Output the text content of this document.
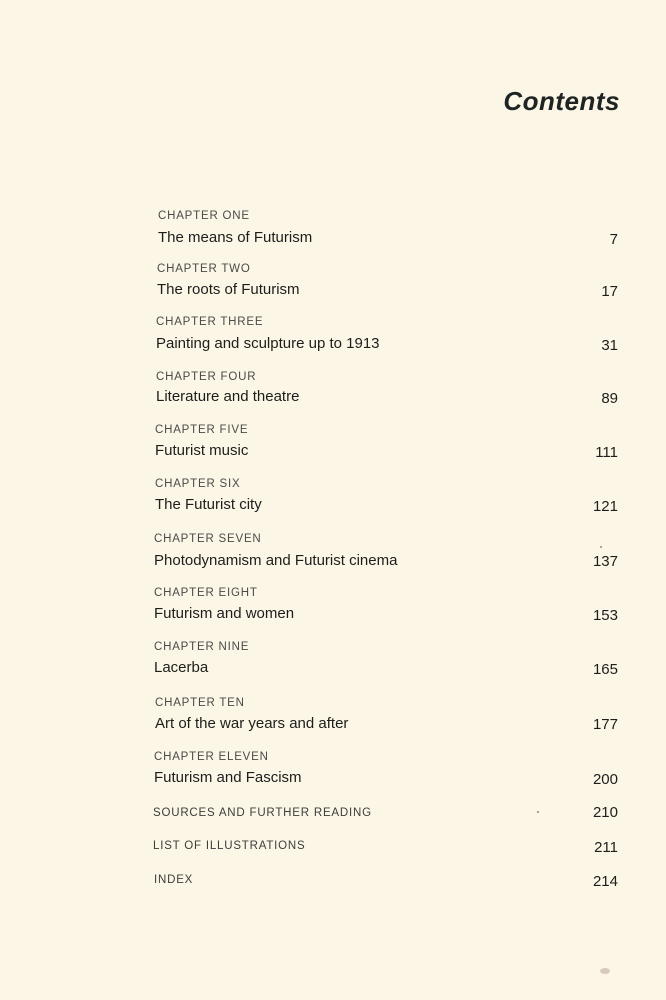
Contents
CHAPTER ONE
The means of Futurism	7
CHAPTER TWO
The roots of Futurism	17
CHAPTER THREE
Painting and sculpture up to 1913	31
CHAPTER FOUR
Literature and theatre	89
CHAPTER FIVE
Futurist music	111
CHAPTER SIX
The Futurist city	121
CHAPTER SEVEN
Photodynamism and Futurist cinema	137
CHAPTER EIGHT
Futurism and women	153
CHAPTER NINE
Lacerba	165
CHAPTER TEN
Art of the war years and after	177
CHAPTER ELEVEN
Futurism and Fascism	200
SOURCES AND FURTHER READING	210
LIST OF ILLUSTRATIONS	211
INDEX	214
